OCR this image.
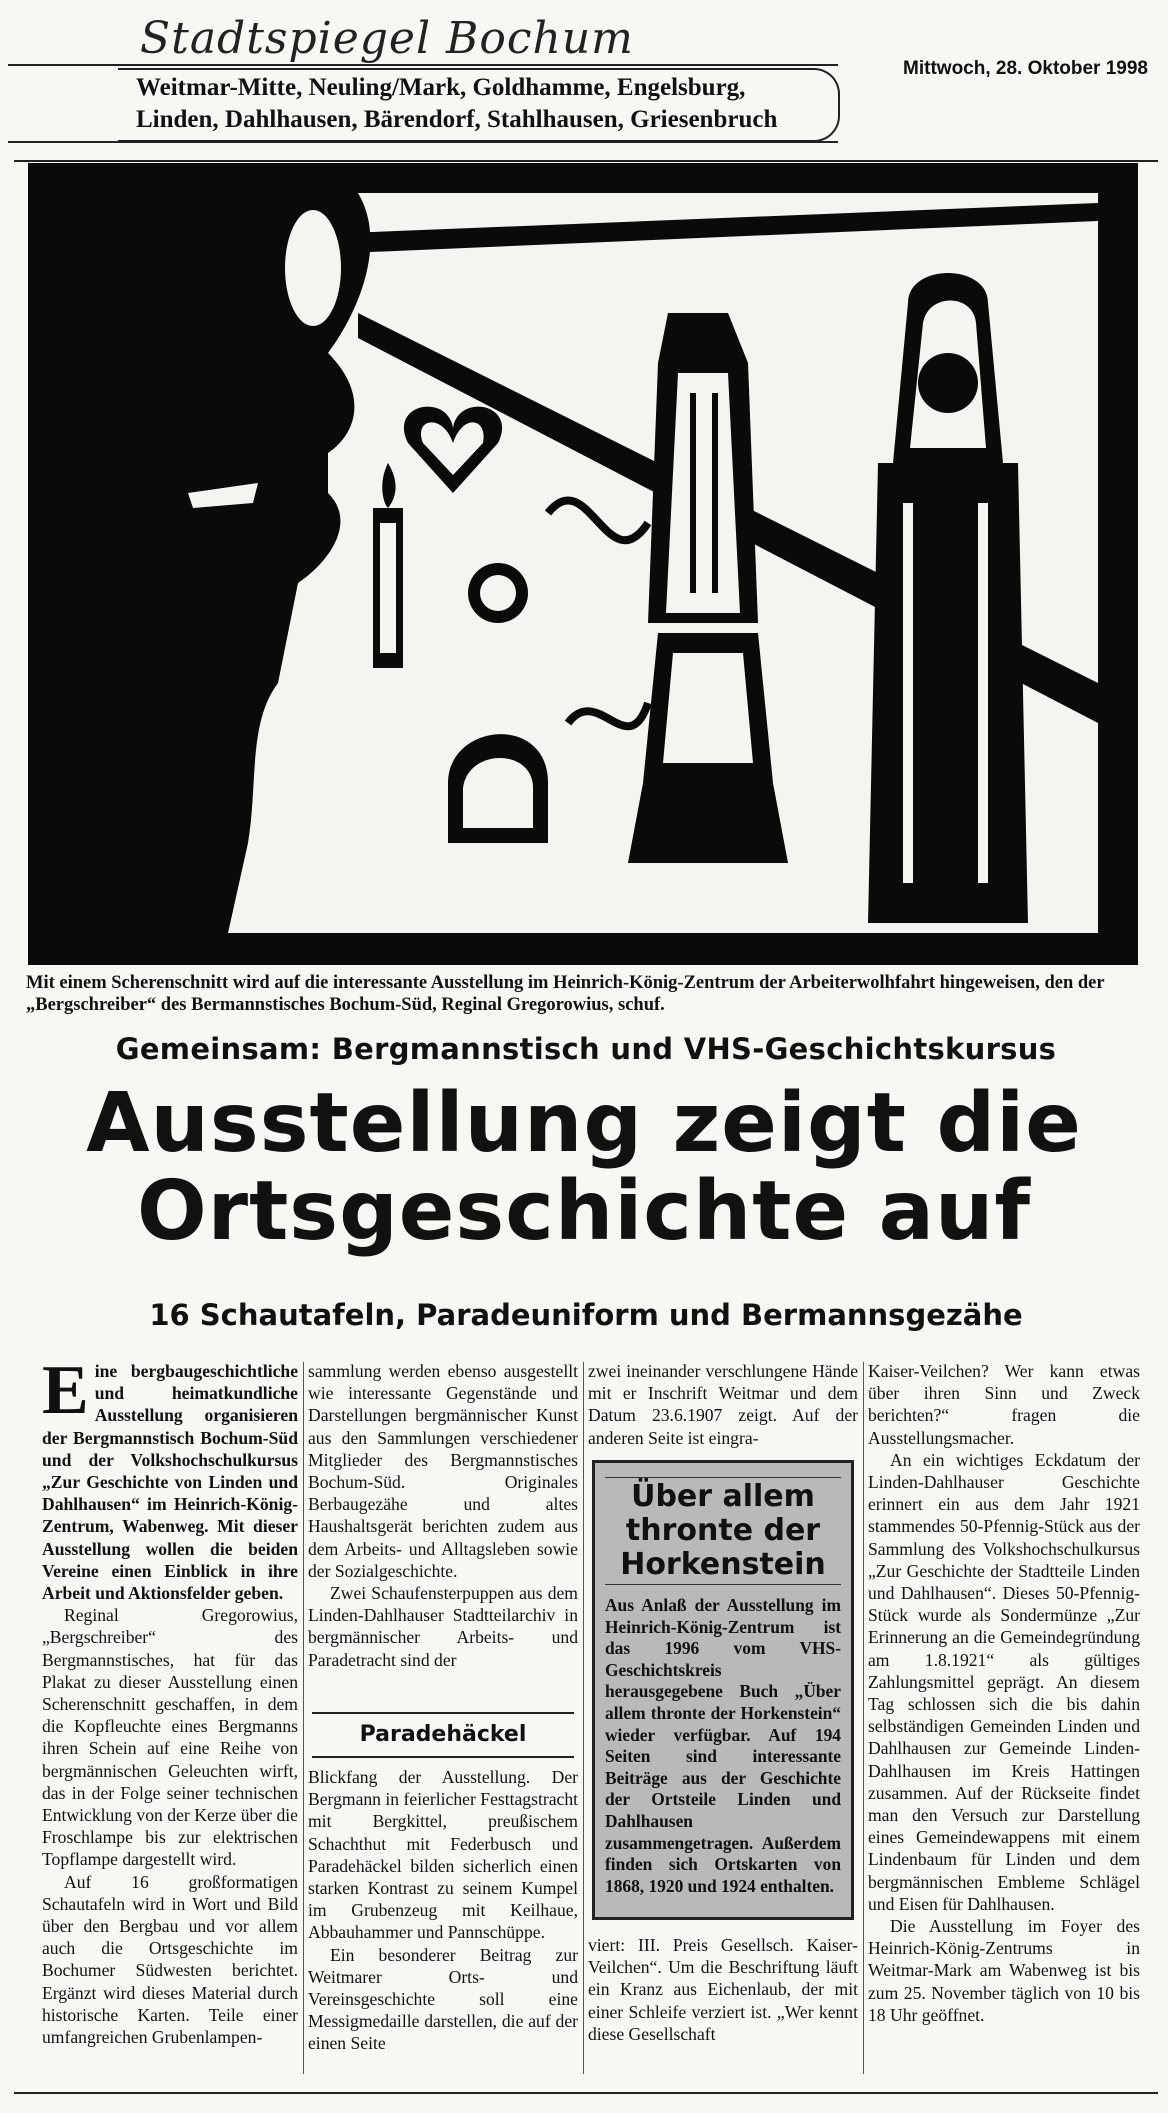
Stadtspiegel Bochum
Mittwoch, 28. Oktober 1998
Weitmar-Mitte, Neuling/Mark, Goldhamme, Engelsburg,
Linden, Dahlhausen, Bärendorf, Stahlhausen, Griesenbruch
Mit einem Scherenschnitt wird auf die interessante Ausstellung im Heinrich-König-Zentrum der Arbeiterwolhfahrt hingeweisen, den der „Bergschreiber“ des Bermannstisches Bochum-Süd, Reginal Gregorowius, schuf.
Gemeinsam: Bergmannstisch und VHS-Geschichtskursus
Ausstellung zeigt die
Ortsgeschichte auf
16 Schautafeln, Paradeuniform und Bermannsgezähe

Eine bergbaugeschichtliche und heimatkundliche Ausstellung organisieren der Bergmannstisch Bochum-Süd und der Volkshochschulkursus „Zur Geschichte von Linden und Dahlhausen“ im Heinrich-König-Zentrum, Wabenweg. Mit dieser Ausstellung wollen die beiden Vereine einen Einblick in ihre Arbeit und Aktionsfelder geben.

Reginal Gregorowius, „Bergschreiber“ des Bergmannstisches, hat für das Plakat zu dieser Ausstellung einen Scherenschnitt geschaffen, in dem die Kopfleuchte eines Bergmanns ihren Schein auf eine Reihe von bergmännischen Geleuchten wirft, das in der Folge seiner technischen Entwicklung von der Kerze über die Froschlampe bis zur elektrischen Topflampe dargestellt wird.

Auf 16 großformatigen Schautafeln wird in Wort und Bild über den Bergbau und vor allem auch die Ortsgeschichte im Bochumer Südwesten berichtet. Ergänzt wird dieses Material durch historische Karten. Teile einer umfangreichen Grubenlampen-

sammlung werden ebenso ausgestellt wie interessante Gegenstände und Darstellungen bergmännischer Kunst aus den Sammlungen verschiedener Mitglieder des Bergmannstisches Bochum-Süd. Originales Berbaugezähe und altes Haushaltsgerät berichten zudem aus dem Arbeits- und Alltagsleben sowie der Sozialgeschichte.

Zwei Schaufensterpuppen aus dem Linden-Dahlhauser Stadtteilarchiv in bergmännischer Arbeits- und Paradetracht sind der

Paradehäckel

Blickfang der Ausstellung. Der Bergmann in feierlicher Festtagstracht mit Bergkittel, preußischem Schachthut mit Federbusch und Paradehäckel bilden sicherlich einen starken Kontrast zu seinem Kumpel im Grubenzeug mit Keilhaue, Abbauhammer und Pannschüppe.

Ein besonderer Beitrag zur Weitmarer Orts- und Vereinsgeschichte soll eine Messigmedaille darstellen, die auf der einen Seite

zwei ineinander verschlungene Hände mit er Inschrift Weitmar und dem Datum 23.6.1907 zeigt. Auf der anderen Seite ist eingra-

Über allem thronte der Horkenstein
Aus Anlaß der Ausstellung im Heinrich-König-Zentrum ist das 1996 vom VHS-Geschichtskreis herausgegebene Buch „Über allem thronte der Horkenstein“ wieder verfügbar. Auf 194 Seiten sind interessante Beiträge aus der Geschichte der Ortsteile Linden und Dahlhausen zusammengetragen. Außerdem finden sich Ortskarten von 1868, 1920 und 1924 enthalten.

viert: III. Preis Gesellsch. Kaiser-Veilchen“. Um die Beschriftung läuft ein Kranz aus Eichenlaub, der mit einer Schleife verziert ist. „Wer kennt diese Gesellschaft

Kaiser-Veilchen? Wer kann etwas über ihren Sinn und Zweck berichten?“ fragen die Ausstellungsmacher.

An ein wichtiges Eckdatum der Linden-Dahlhauser Geschichte erinnert ein aus dem Jahr 1921 stammendes 50-Pfennig-Stück aus der Sammlung des Volkshochschulkursus „Zur Geschichte der Stadtteile Linden und Dahlhausen“. Dieses 50-Pfennig-Stück wurde als Sondermünze „Zur Erinnerung an die Gemeindegründung am 1.8.1921“ als gültiges Zahlungsmittel geprägt. An diesem Tag schlossen sich die bis dahin selbständigen Gemeinden Linden und Dahlhausen zur Gemeinde Linden-Dahlhausen im Kreis Hattingen zusammen. Auf der Rückseite findet man den Versuch zur Darstellung eines Gemeindewappens mit einem Lindenbaum für Linden und dem bergmännischen Embleme Schlägel und Eisen für Dahlhausen.

Die Ausstellung im Foyer des Heinrich-König-Zentrums in Weitmar-Mark am Wabenweg ist bis zum 25. November täglich von 10 bis 18 Uhr geöffnet.
